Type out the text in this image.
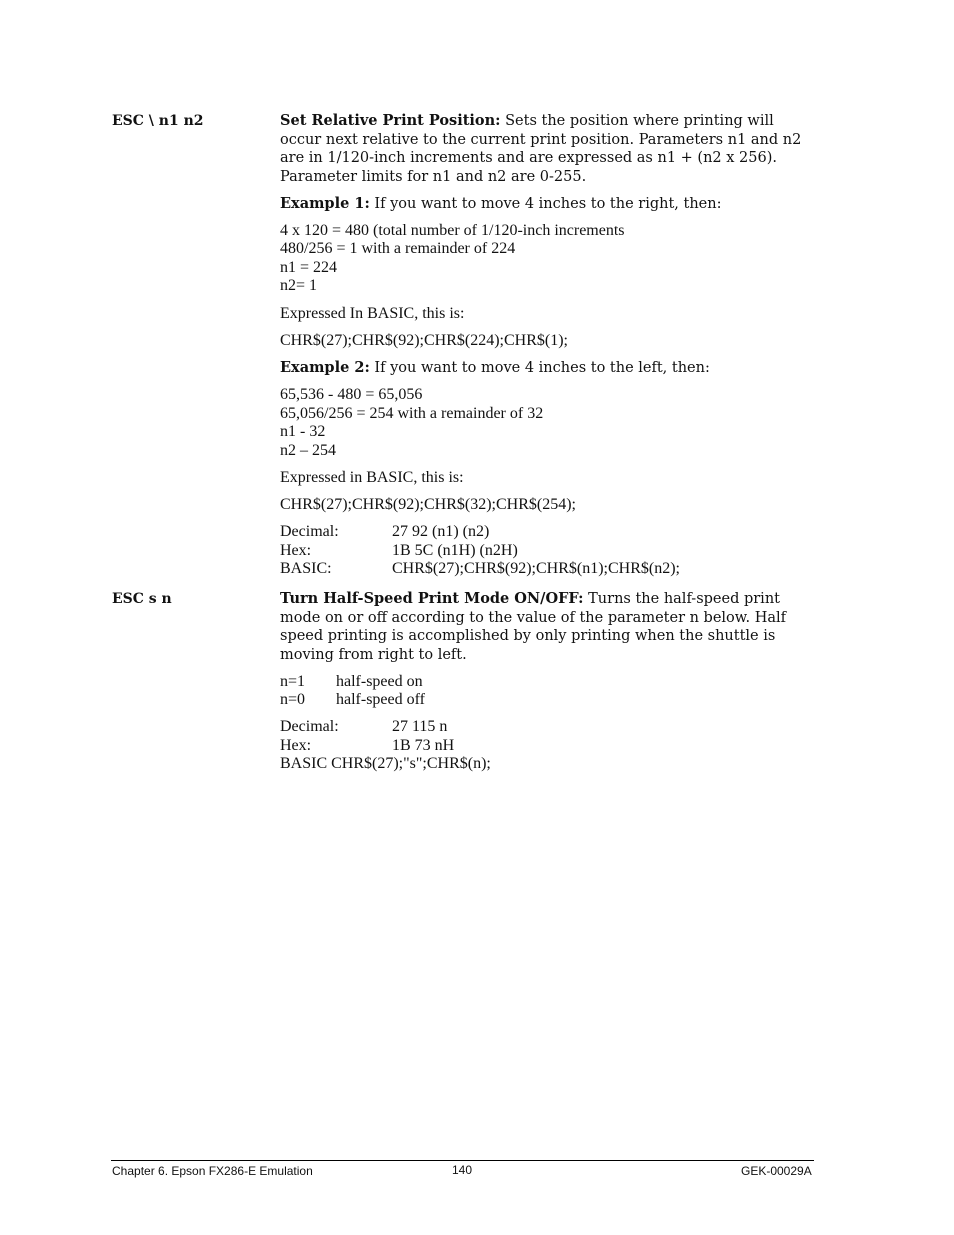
ESC \ n1 n2	Set Relative Print Position: Sets the position where printing will occur next relative to the current print position. Parameters n1 and n2 are in 1/120-inch increments and are expressed as n1 + (n2 x 256). Parameter limits for n1 and n2 are 0-255.

Example 1: If you want to move 4 inches to the right, then:

4 x 120 = 480 (total number of 1/120-inch increments
480/256 = 1 with a remainder of 224
n1 = 224
n2= 1

Expressed In BASIC, this is:

CHR$(27);CHR$(92);CHR$(224);CHR$(1);

Example 2: If you want to move 4 inches to the left, then:

65,536 - 480 = 65,056
65,056/256 = 254 with a remainder of 32
n1 - 32
n2 – 254

Expressed in BASIC, this is:

CHR$(27);CHR$(92);CHR$(32);CHR$(254);

Decimal:	27 92 (n1) (n2)
Hex:	1B 5C (n1H) (n2H)
BASIC:	CHR$(27);CHR$(92);CHR$(n1);CHR$(n2);
ESC s n	Turn Half-Speed Print Mode ON/OFF: Turns the half-speed print mode on or off according to the value of the parameter n below. Half speed printing is accomplished by only printing when the shuttle is moving from right to left.

n=1	half-speed on
n=0	half-speed off
Decimal:	27 115 n
Hex:	1B 73 nH
BASIC CHR$(27);"s";CHR$(n);
Chapter 6. Epson FX286-E Emulation	140	GEK-00029A
